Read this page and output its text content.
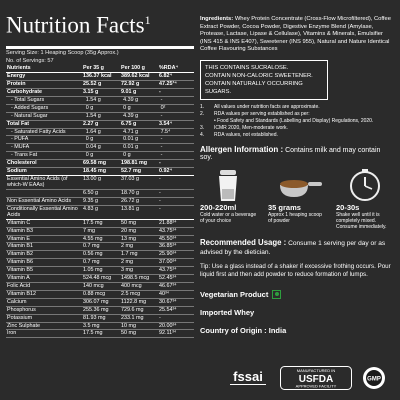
Nutrition Facts$^1$
Serving Size: 1 Heaping Scoop (35g Approx.)
No. of Servings: 57
Nutrients	Per 35 g	Per 100 g	%RDA⁴
Energy	136.37 kcal	389.62 kcal	6.82⁴
Protein	25.52 g	72.92 g	47.25³⁴
Carbohydrate	3.15 g	9.01 g	-
- Total Sugars	1.54 g	4.39 g	-
- Added Sugars	0 g	0 g	0²
- Natural Sugar	1.54 g	4.39 g	-
Total Fat	2.27 g	6.75 g	3.54⁴
- Saturated Fatty Acids	1.64 g	4.71 g	7.5⁴
- PUFA	0 g	0.01 g	-
- MUFA	0.04 g	0.01 g	-
- Trans Fat	0 g	0 g	-
Cholesterol	69.58 mg	198.81 mg	-
Sodium	18.45 mg	52.7 mg	0.92⁴
Essential Amino Acids (of which-W EAAs)
13.00 g	37.03 g	-
6.50 g	18.70 g	-
Non Essential Amino Acids	9.35 g	26.72 g	-
Conditionally Essential Amino Acids
4.83 g	13.81 g	-
Vitamin C	17.5 mg	50 mg	21.88³⁴
Vitamin B3	7 mg	20 mg	43.75³⁴
Vitamin E	4.55 mg	13 mg	45.50³⁴
Vitamin B1	0.7 mg	2 mg	36.85³⁴
Vitamin B2	0.56 mg	1.7 mg	25.90³⁴
Vitamin B6	0.7 mg	2 mg	37.00³⁴
Vitamin B5	1.05 mg	3 mg	43.75³⁴
Vitamin A	524.48 mcg	1498.5 mcg	52.45³⁴
Folic Acid	140 mcg	400 mcg	46.67³⁴
Vitamin B12	0.88 mcg	2.5 mcg	40³⁴
Calcium	306.07 mg	1122.8 mg	30.67³⁴
Phosphorus	255.36 mg	729.6 mg	25.54³⁴
Potassium	81.93 mg	233.1 mg	-
Zinc Sulphate	3.5 mg	10 mg	20.00³⁴
Iron	17.5 mg	50 mg	92.11³⁴
Ingredients: Whey Protein Concentrate (Cross-Flow Microfiltered), Coffee Extract Powder, Cocoa Powder, Digestive Enzyme Blend (Amylase, Protease, Lactase, Lipase & Cellulase), Vitamins & Minerals, Emulsifier (INS 415 & INS E407), Sweetener (INS 955), Natural and Nature Identical Coffee Flavouring Substances
THIS CONTAINS SUCRALOSE.
CONTAIN NON-CALORIC SWEETENER.
CONTAIN NATURALLY OCCURRING SUGARS.
1.	All values under nutrition facts are approximate.
2.	RDA values per serving established as per:
• Food Safety and Standards (Labelling and Display) Regulations, 2020.
3.	ICMR 2020, Men-moderate work.
4.	RDA values, not established.
Allergen Information : Contains milk and may contain soy.
200-220ml
Cold water or a beverage of your choice
35 grams
Approx 1 heaping scoop of powder
20-30s
Shake well until it is completely mixed. Consume immediately.
Recommended Usage : Consume 1 serving per day or as advised by the dietician.
Tip: Use a glass instead of a shaker if excessive frothing occurs. Pour liquid first and then add powder to reduce formation of lumps.
Vegetarian Product
Imported Whey
Country of Origin : India
fssai	MANUFACTURED IN
USFDA
APPROVED FACILITY
GMP
